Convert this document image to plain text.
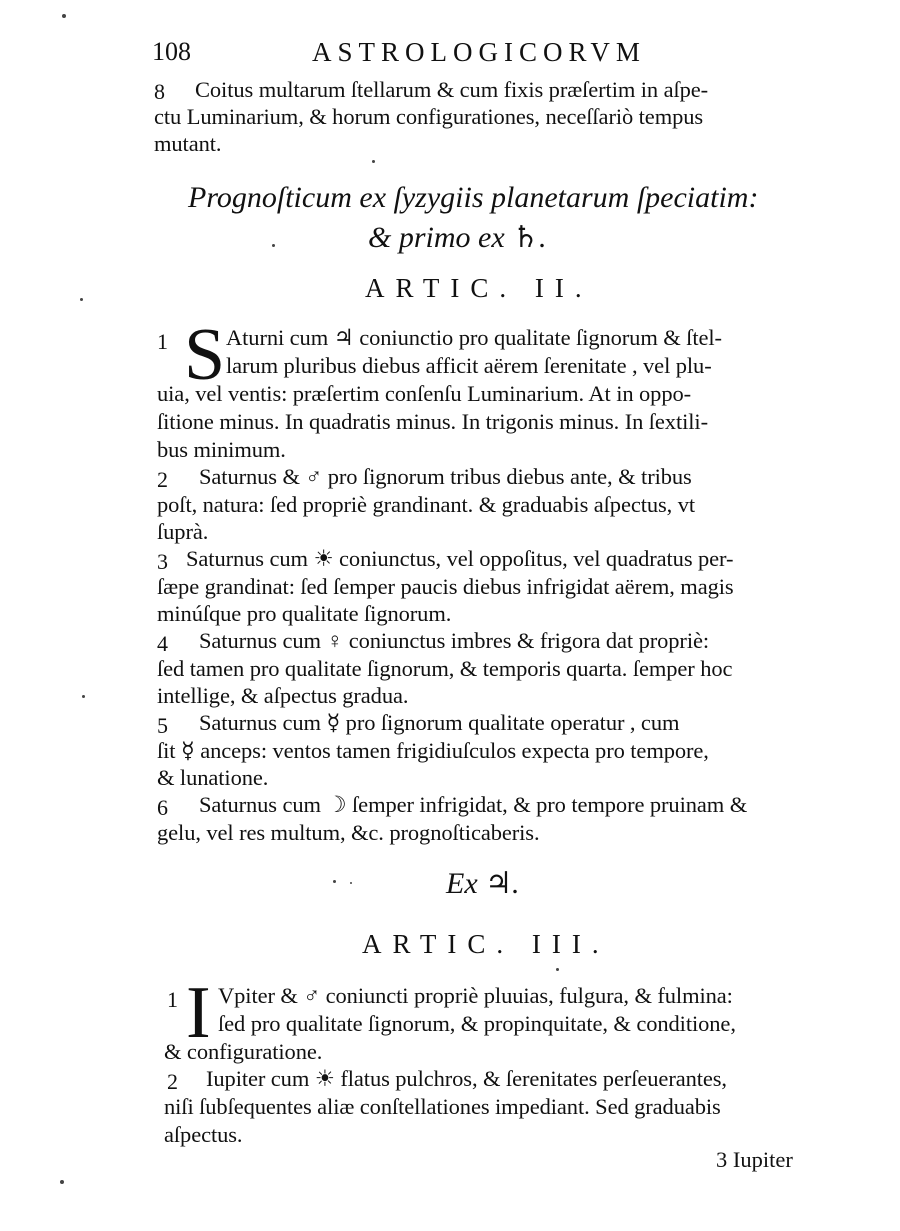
108	ASTROLOGICORVM
8 Coitus multarum ſtellarum & cum fixis præſertim in aſpe-
ctu Luminarium, & horum configurationes, neceſſariò tempus
mutant.
Prognoſticum ex ſyzygiis planetarum ſpeciatim:
& primo ex ♄.
ARTIC. II.
1 S Aturni cum ♃ coniunctio pro qualitate ſignorum & ſtel-
larum pluribus diebus afficit aërem ſerenitate , vel plu-
uia, vel ventis: præſertim conſenſu Luminarium. At in oppo-
ſitione minus. In quadratis minus. In trigonis minus. In ſextili-
bus minimum.
2 Saturnus & ♂ pro ſignorum tribus diebus ante, & tribus
poſt, natura: ſed propriè grandinant. & graduabis aſpectus, vt
ſuprà.
3 Saturnus cum ☀ coniunctus, vel oppoſitus, vel quadratus per-
ſæpe grandinat: ſed ſemper paucis diebus infrigidat aërem, magis
minúſque pro qualitate ſignorum.
4 Saturnus cum ♀ coniunctus imbres & frigora dat propriè:
ſed tamen pro qualitate ſignorum, & temporis quarta. ſemper hoc
intellige, & aſpectus gradua.
5 Saturnus cum ☿ pro ſignorum qualitate operatur , cum
ſit ☿ anceps: ventos tamen frigidiuſculos expecta pro tempore,
& lunatione.
6 Saturnus cum ☽ ſemper infrigidat, & pro tempore pruinam &
gelu, vel res multum, &c. prognoſticaberis.
Ex ♃.
ARTIC. III.
1 I Vpiter & ♂ coniuncti propriè pluuias, fulgura, & fulmina:
ſed pro qualitate ſignorum, & propinquitate, & conditione,
& configuratione.
2 Iupiter cum ☀ flatus pulchros, & ſerenitates perſeuerantes,
niſi ſubſequentes aliæ conſtellationes impediant. Sed graduabis
aſpectus.
3 Iupiter
